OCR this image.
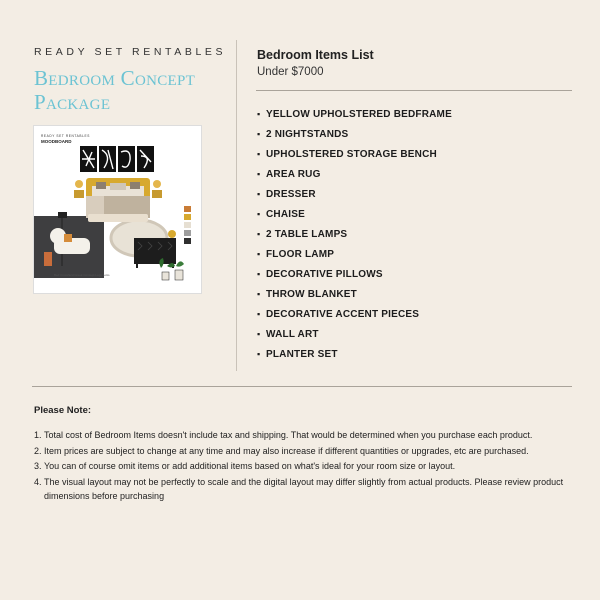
READY SET RENTABLES
Bedroom Concept
Package
READY SET RENTABLES
MOODBOARD
Bed Crossfield Greek Concept Logy Lotto
Bedroom Items List
Under $7000
▪ YELLOW UPHOLSTERED BEDFRAME
▪ 2 NIGHTSTANDS
▪ UPHOLSTERED STORAGE BENCH
▪ AREA RUG
▪ DRESSER
▪ CHAISE
▪ 2 TABLE LAMPS
▪ FLOOR LAMP
▪ DECORATIVE PILLOWS
▪ THROW BLANKET
▪ DECORATIVE ACCENT PIECES
▪ WALL ART
▪ PLANTER SET
Please Note:
1. Total cost of Bedroom Items doesn't include tax and shipping. That would be determined when you purchase each product.
2. Item prices are subject to change at any time and may also increase if different quantities or upgrades, etc are purchased.
3. You can of course omit items or add additional items based on what's ideal for your room size or layout.
4. The visual layout may not be perfectly to scale and the digital layout may differ slightly from actual products. Please review product dimensions before purchasing
